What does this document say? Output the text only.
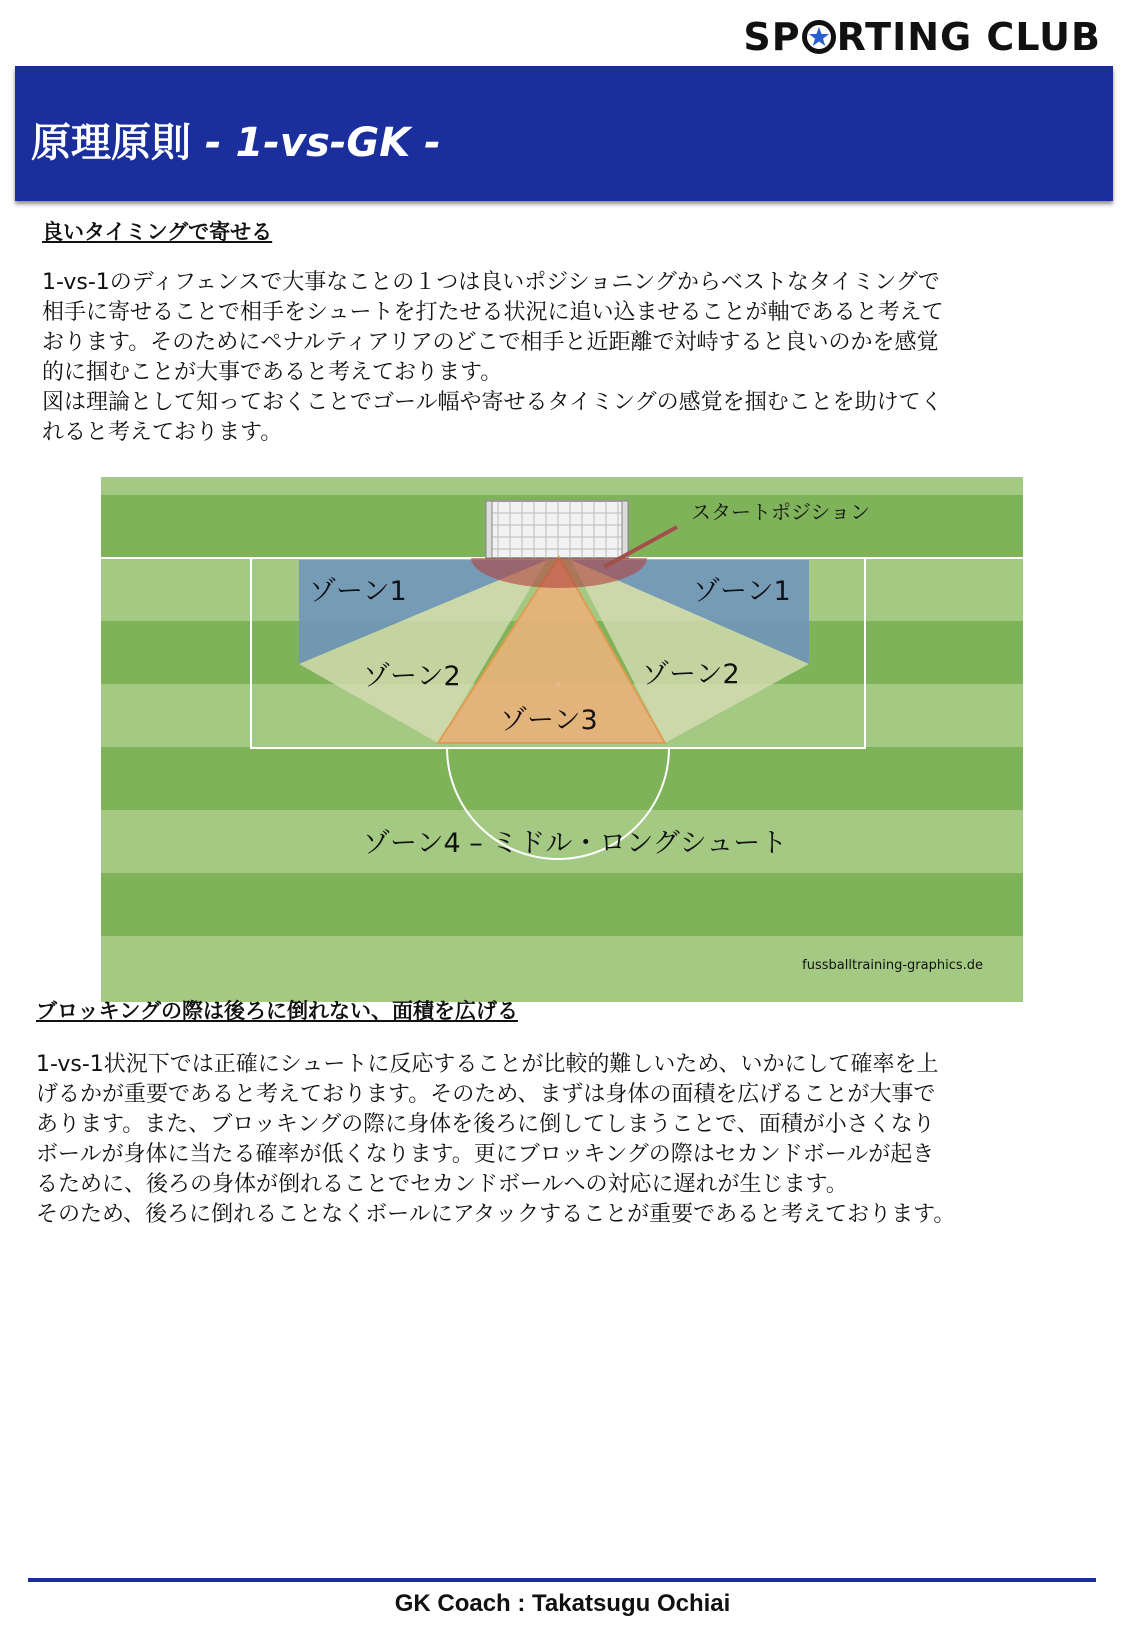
SP RTING CLUB
原理原則 - 1-vs-GK -
良いタイミングで寄せる

1-vs-1のディフェンスで大事なことの１つは良いポジショニングからベストなタイミングで

相手に寄せることで相手をシュートを打たせる状況に追い込ませることが軸であると考えて

おります。そのためにペナルティアリアのどこで相手と近距離で対峙すると良いのかを感覚

的に掴むことが大事であると考えております。

図は理論として知っておくことでゴール幅や寄せるタイミングの感覚を掴むことを助けてく

れると考えております。

スタートポジション
ゾーン1	ゾーン1
ゾーン2	ゾーン2
ゾーン3
ゾーン4 – ミドル・ロングシュート
fussballtraining-graphics.de
ブロッキングの際は後ろに倒れない、面積を広げる

1-vs-1状況下では正確にシュートに反応することが比較的難しいため、いかにして確率を上

げるかが重要であると考えております。そのため、まずは身体の面積を広げることが大事で

あります。また、ブロッキングの際に身体を後ろに倒してしまうことで、面積が小さくなり

ボールが身体に当たる確率が低くなります。更にブロッキングの際はセカンドボールが起き

るために、後ろの身体が倒れることでセカンドボールへの対応に遅れが生じます。

そのため、後ろに倒れることなくボールにアタックすることが重要であると考えております。

GK Coach : Takatsugu Ochiai
